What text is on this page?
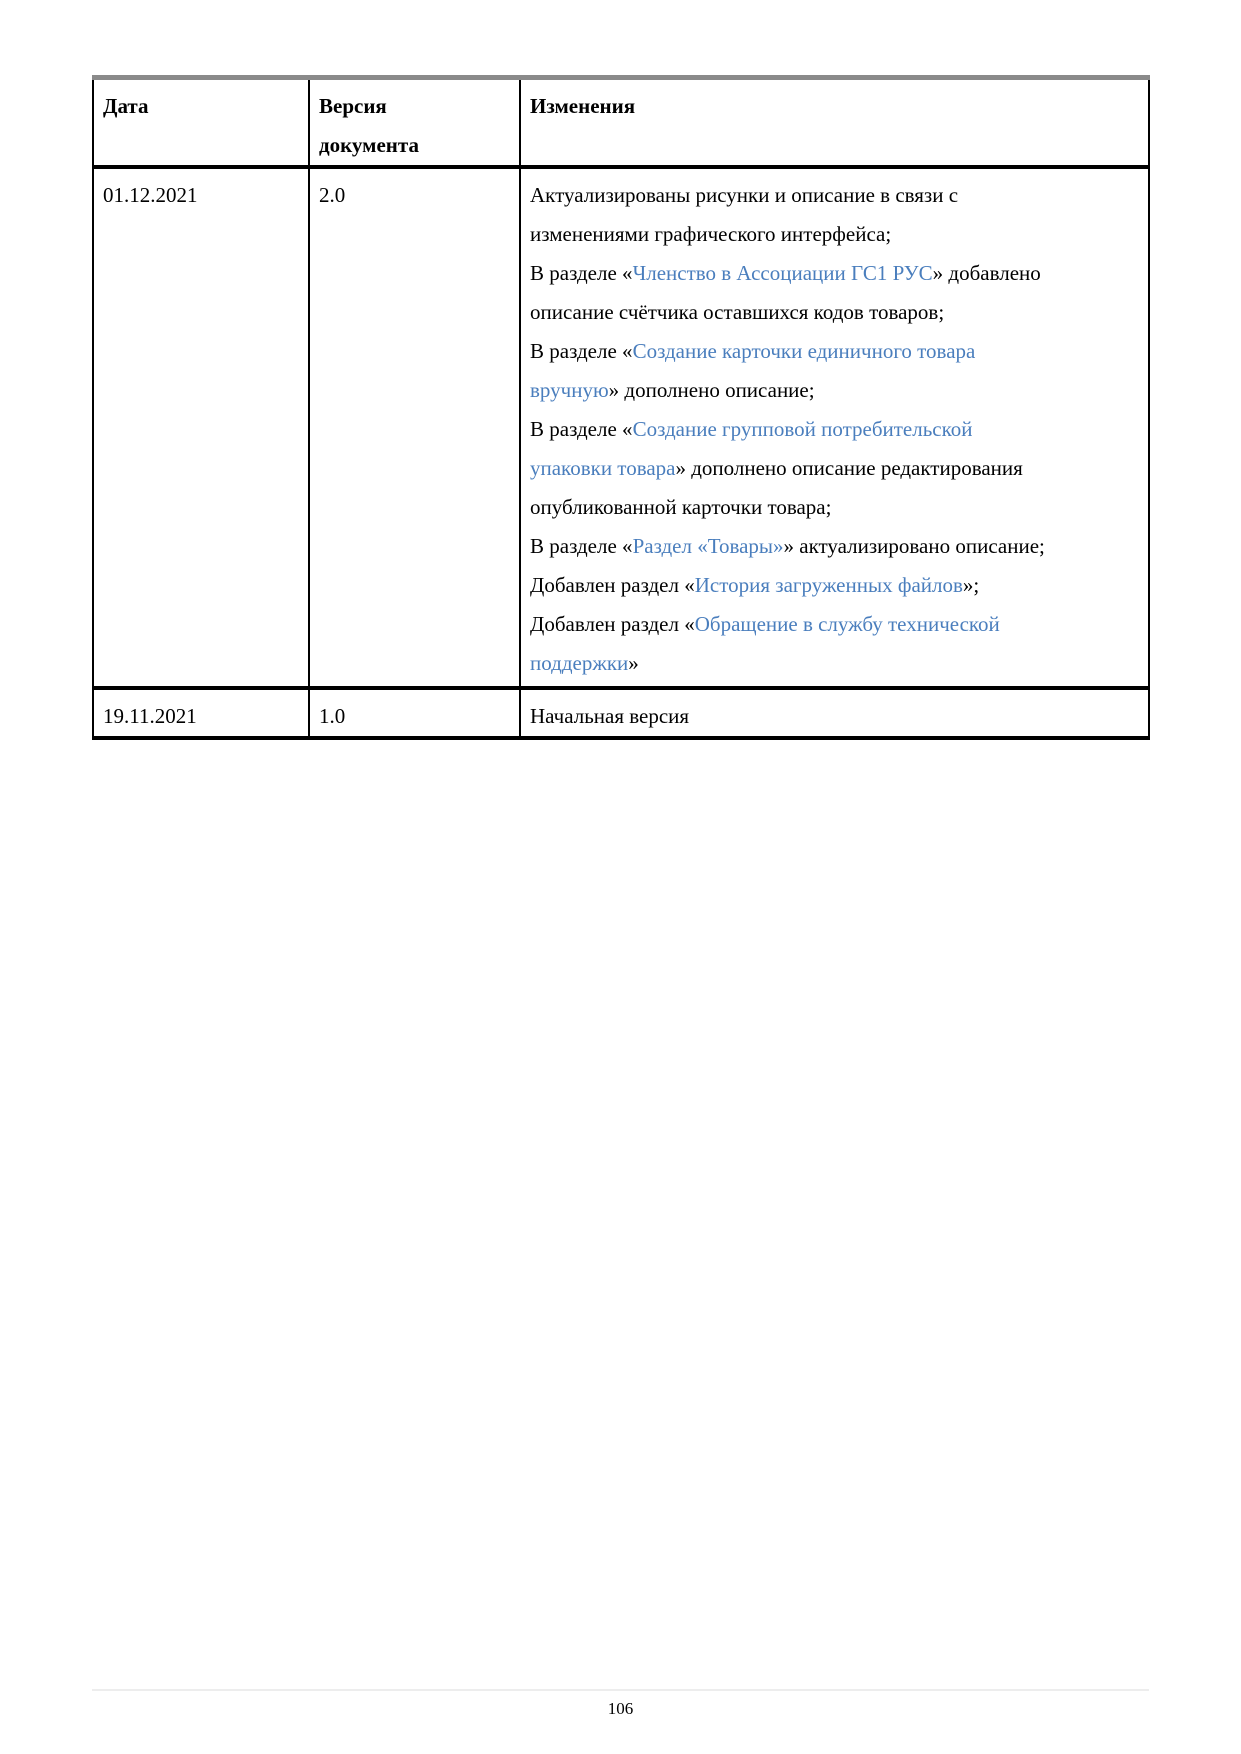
Дата	Версия документа	Изменения
01.12.2021	2.0	Актуализированы рисунки и описание в связи с
изменениями графического интерфейса;
В разделе «Членство в Ассоциации ГС1 РУС» добавлено
описание счётчика оставшихся кодов товаров;
В разделе «Создание карточки единичного товара
вручную» дополнено описание;
В разделе «Создание групповой потребительской
упаковки товара» дополнено описание редактирования
опубликованной карточки товара;
В разделе «Раздел «Товары»» актуализировано описание;
Добавлен раздел «История загруженных файлов»;
Добавлен раздел «Обращение в службу технической
поддержки»

19.11.2021	1.0	Начальная версия
106
